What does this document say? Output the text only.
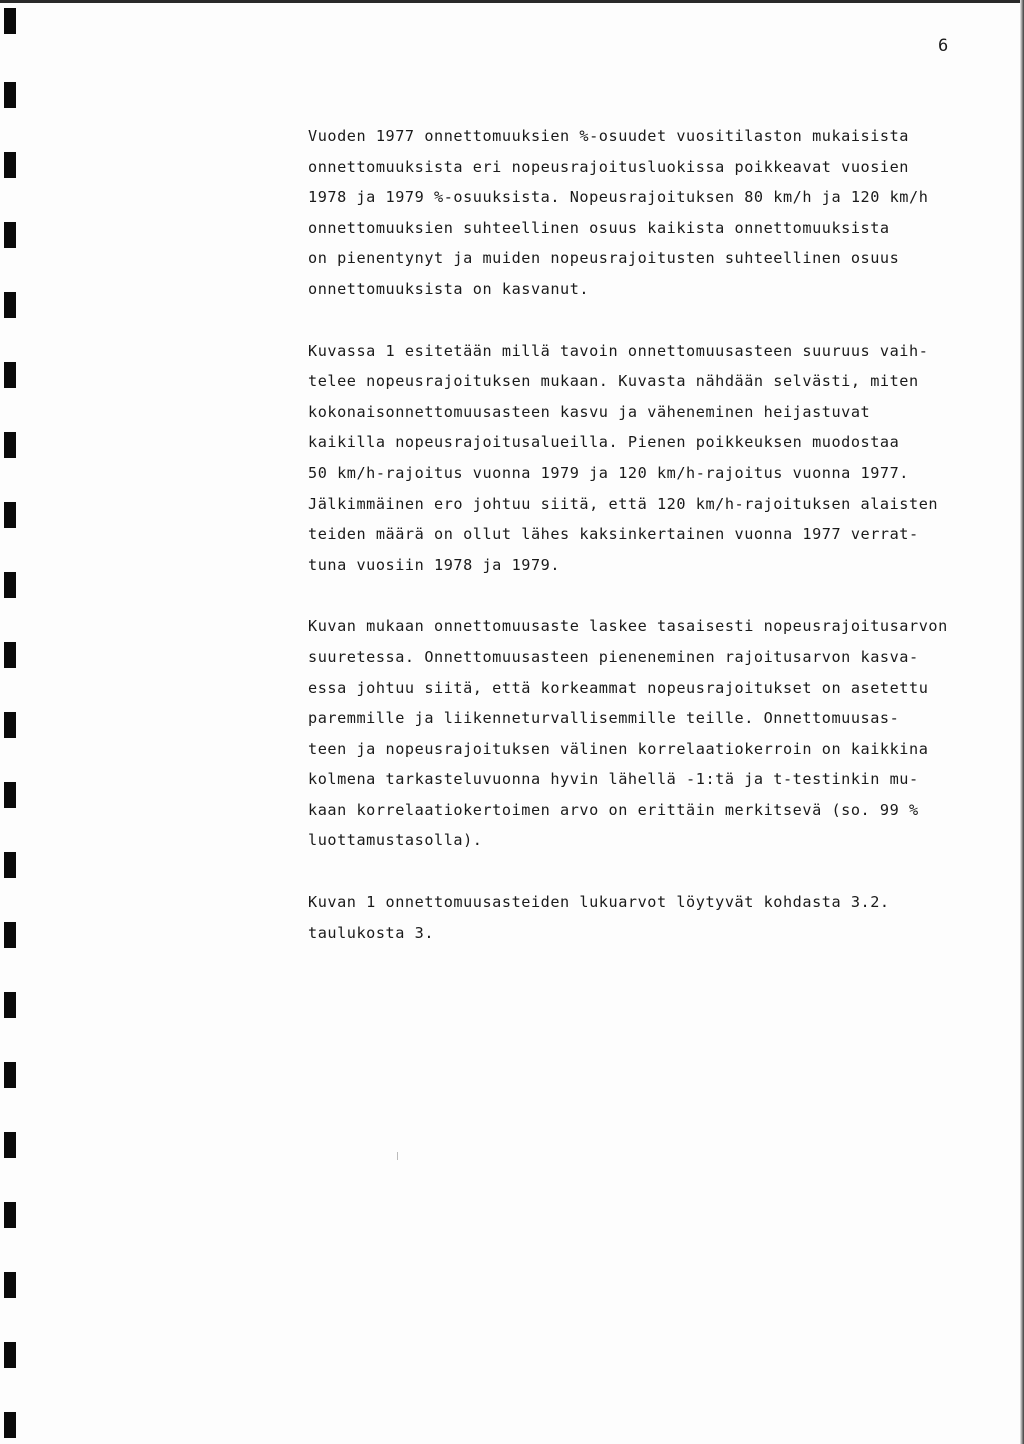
6
Vuoden 1977 onnettomuuksien %-osuudet vuositilaston mukaisista
onnettomuuksista eri nopeusrajoitusluokissa poikkeavat vuosien
1978 ja 1979 %-osuuksista. Nopeusrajoituksen 80 km/h ja 120 km/h
onnettomuuksien suhteellinen osuus kaikista onnettomuuksista
on pienentynyt ja muiden nopeusrajoitusten suhteellinen osuus
onnettomuuksista on kasvanut.
Kuvassa 1 esitetään millä tavoin onnettomuusasteen suuruus vaih-
telee nopeusrajoituksen mukaan. Kuvasta nähdään selvästi, miten
kokonaisonnettomuusasteen kasvu ja väheneminen heijastuvat
kaikilla nopeusrajoitusalueilla. Pienen poikkeuksen muodostaa
50 km/h-rajoitus vuonna 1979 ja 120 km/h-rajoitus vuonna 1977.
Jälkimmäinen ero johtuu siitä, että 120 km/h-rajoituksen alaisten
teiden määrä on ollut lähes kaksinkertainen vuonna 1977 verrat-
tuna vuosiin 1978 ja 1979.
Kuvan mukaan onnettomuusaste laskee tasaisesti nopeusrajoitusarvon
suuretessa. Onnettomuusasteen pieneneminen rajoitusarvon kasva-
essa johtuu siitä, että korkeammat nopeusrajoitukset on asetettu
paremmille ja liikenneturvallisemmille teille. Onnettomuusas-
teen ja nopeusrajoituksen välinen korrelaatiokerroin on kaikkina
kolmena tarkasteluvuonna hyvin lähellä -1:tä ja t-testinkin mu-
kaan korrelaatiokertoimen arvo on erittäin merkitsevä (so. 99 %
luottamustasolla).
Kuvan 1 onnettomuusasteiden lukuarvot löytyvät kohdasta 3.2.
taulukosta 3.
